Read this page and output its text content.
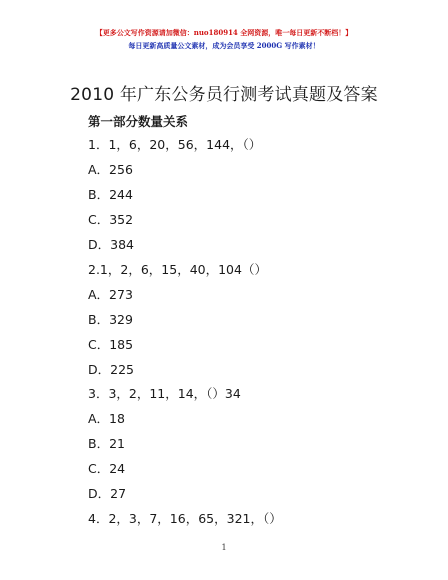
【更多公文写作资源请加微信：nuo180914 全网资源，唯一每日更新不断档！】
每日更新高质量公文素材，成为会员享受 2000G 写作素材！
2010 年广东公务员行测考试真题及答案
第一部分数量关系
1．1，6，20，56，144，（）
A．256
B．244
C．352
D．384
2.1，2，6，15，40，104（）
A．273
B．329
C．185
D．225
3．3，2，11，14，（）34
A．18
B．21
C．24
D．27
4．2，3，7，16，65，321，（）
1
